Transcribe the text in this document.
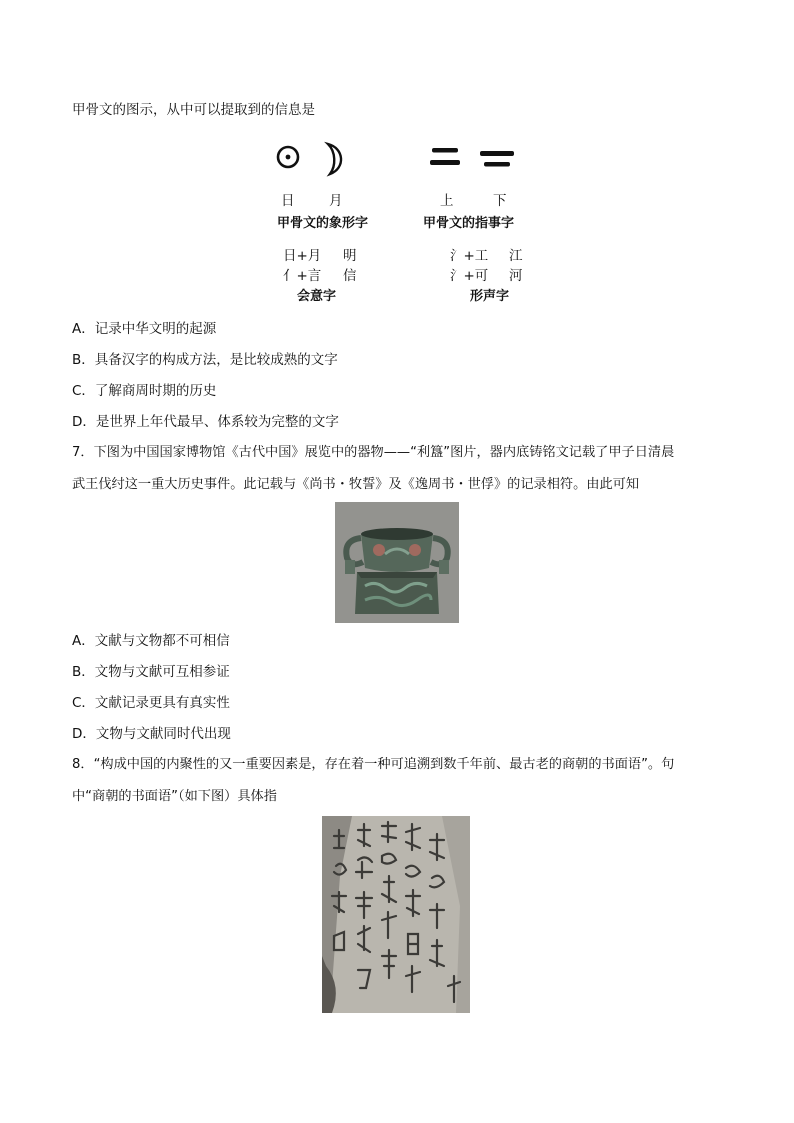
甲骨文的图示，从中可以提取到的信息是
日	月	上	下
甲骨文的象形字	甲骨文的指事字
日+月 明
亻+言 信
氵+工 江
氵+可 河
会意字	形声字
A．记录中华文明的起源
B．具备汉字的构成方法，是比较成熟的文字
C．了解商周时期的历史
D．是世界上年代最早、体系较为完整的文字
7．下图为中国国家博物馆《古代中国》展览中的器物——“利簋”图片，器内底铸铭文记载了甲子日清晨
武王伐纣这一重大历史事件。此记载与《尚书・牧誓》及《逸周书・世俘》的记录相符。由此可知
A．文献与文物都不可相信
B．文物与文献可互相参证
C．文献记录更具有真实性
D．文物与文献同时代出现
8．“构成中国的内聚性的又一重要因素是，存在着一种可追溯到数千年前、最古老的商朝的书面语”。句
中“商朝的书面语”（如下图）具体指
